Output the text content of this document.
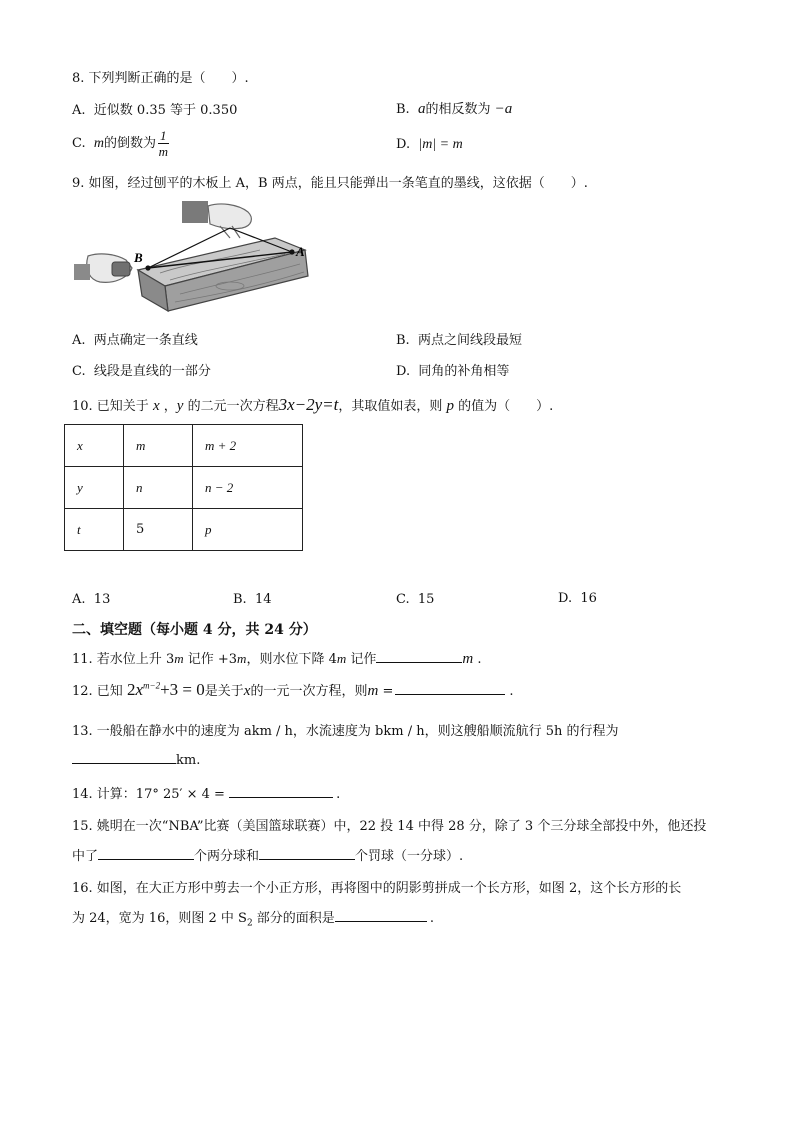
8. 下列判断正确的是（　　）.
A. 近似数 0.35 等于 0.350	B. a的相反数为 −a
C. m的倒数为 $\frac{1}{m}$	D. |m| = m
9. 如图，经过刨平的木板上 A，B 两点，能且只能弹出一条笔直的墨线，这依据（　　）.
B	A
A. 两点确定一条直线	B. 两点之间线段最短
C. 线段是直线的一部分	D. 同角的补角相等
10. 已知关于 x ，y 的二元一次方程3x−2y=t，其取值如表，则 p 的值为（　　）.
x	m	m + 2
y	n	n − 2
t	5	p
A. 13	B. 14	C. 15	D. 16
二、填空题（每小题 4 分，共 24 分）
11. 若水位上升 3m 记作 +3m，则水位下降 4m 记作	m .
12. 已知 $2x^{m-2}+3 = 0$是关于x的一元一次方程，则m =	.
13. 一般船在静水中的速度为 akm / h，水流速度为 bkm / h，则这艘船顺流航行 5h 的行程为
km.
14. 计算：17° 25′ × 4 =	.
15. 姚明在一次“NBA”比赛（美国篮球联赛）中，22 投 14 中得 28 分，除了 3 个三分球全部投中外，他还投
中了	个两分球和	个罚球（一分球）.
16. 如图，在大正方形中剪去一个小正方形，再将图中的阴影剪拼成一个长方形，如图 2，这个长方形的长
为 24，宽为 16，则图 2 中 $S_2$ 部分的面积是	.
